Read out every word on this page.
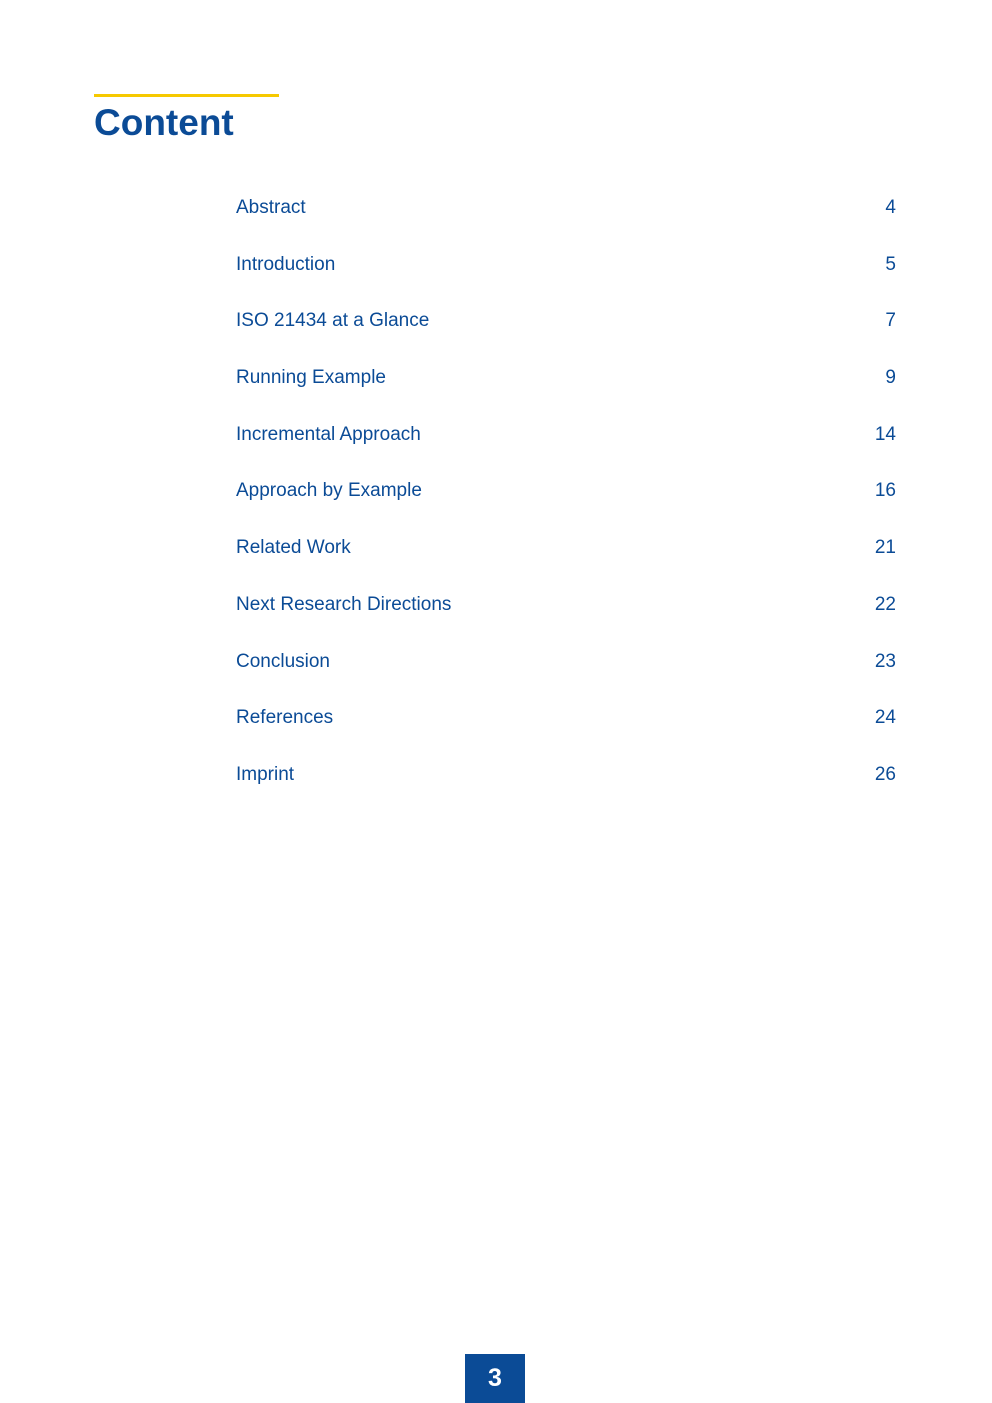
Content
Abstract	4
Introduction	5
ISO 21434 at a Glance	7
Running Example	9
Incremental Approach	14
Approach by Example	16
Related Work	21
Next Research Directions	22
Conclusion	23
References	24
Imprint	26
3
